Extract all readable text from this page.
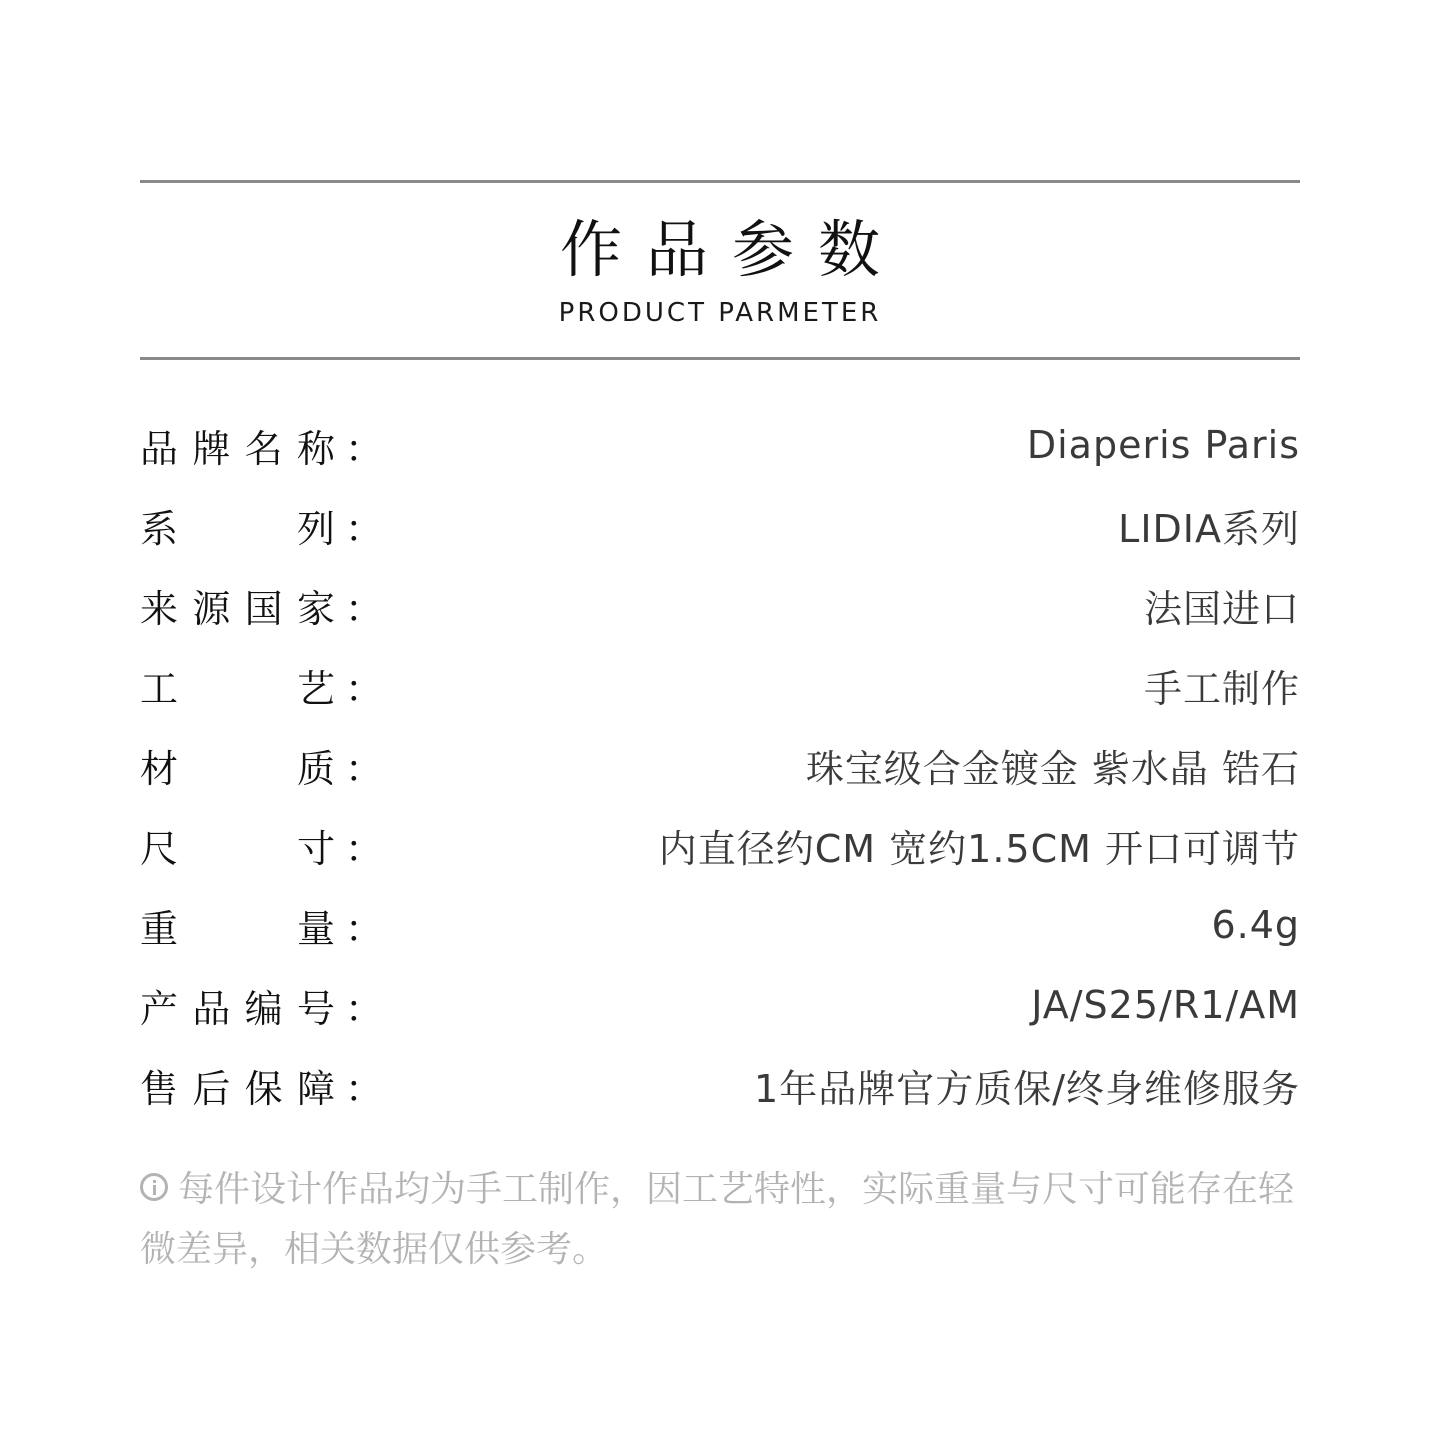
作品参数
PRODUCT PARMETER
品 牌 名 称 ：	Diaperis Paris
系	列 ：	LIDIA系列
来 源 国 家 ：	法国进口
工	艺 ：	手工制作
材	质 ：	珠宝级合金镀金 紫水晶 锆石
尺	寸 ：	内直径约CM 宽约1.5CM 开口可调节
重	量 ：	6.4g
产 品 编 号 ：	JA/S25/R1/AM
售 后 保 障 ：	1年品牌官方质保/终身维修服务
每件设计作品均为手工制作，因工艺特性，实际重量与尺寸可能存在轻微差异，相关数据仅供参考。
